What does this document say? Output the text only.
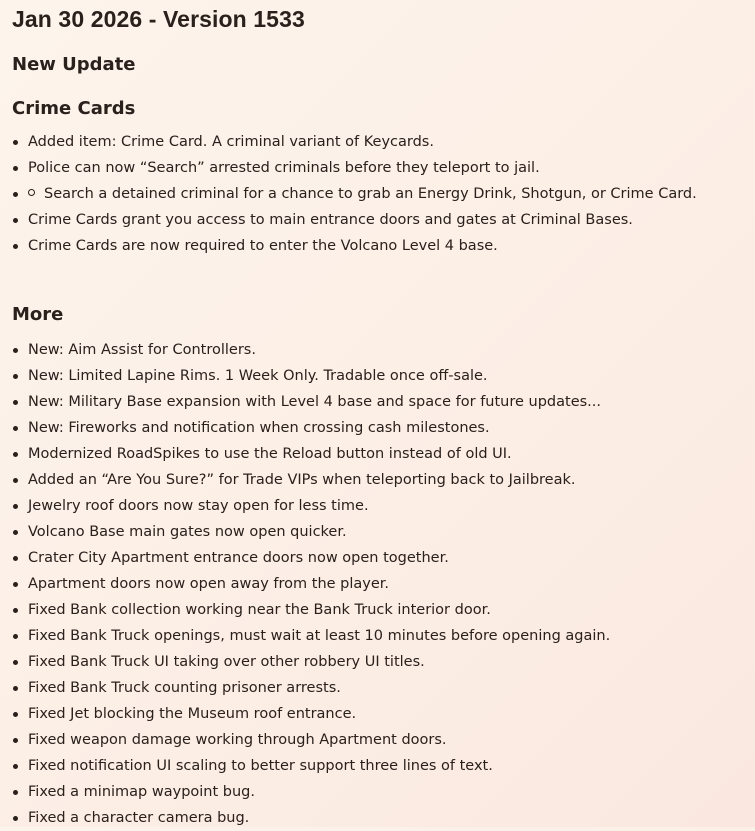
Jan 30 2026 - Version 1533
New Update
Crime Cards
Added item: Crime Card. A criminal variant of Keycards.
Police can now “Search” arrested criminals before they teleport to jail.
Search a detained criminal for a chance to grab an Energy Drink, Shotgun, or Crime Card.
Crime Cards grant you access to main entrance doors and gates at Criminal Bases.
Crime Cards are now required to enter the Volcano Level 4 base.
More
New: Aim Assist for Controllers.
New: Limited Lapine Rims. 1 Week Only. Tradable once off-sale.
New: Military Base expansion with Level 4 base and space for future updates...
New: Fireworks and notification when crossing cash milestones.
Modernized RoadSpikes to use the Reload button instead of old UI.
Added an “Are You Sure?” for Trade VIPs when teleporting back to Jailbreak.
Jewelry roof doors now stay open for less time.
Volcano Base main gates now open quicker.
Crater City Apartment entrance doors now open together.
Apartment doors now open away from the player.
Fixed Bank collection working near the Bank Truck interior door.
Fixed Bank Truck openings, must wait at least 10 minutes before opening again.
Fixed Bank Truck UI taking over other robbery UI titles.
Fixed Bank Truck counting prisoner arrests.
Fixed Jet blocking the Museum roof entrance.
Fixed weapon damage working through Apartment doors.
Fixed notification UI scaling to better support three lines of text.
Fixed a minimap waypoint bug.
Fixed a character camera bug.
